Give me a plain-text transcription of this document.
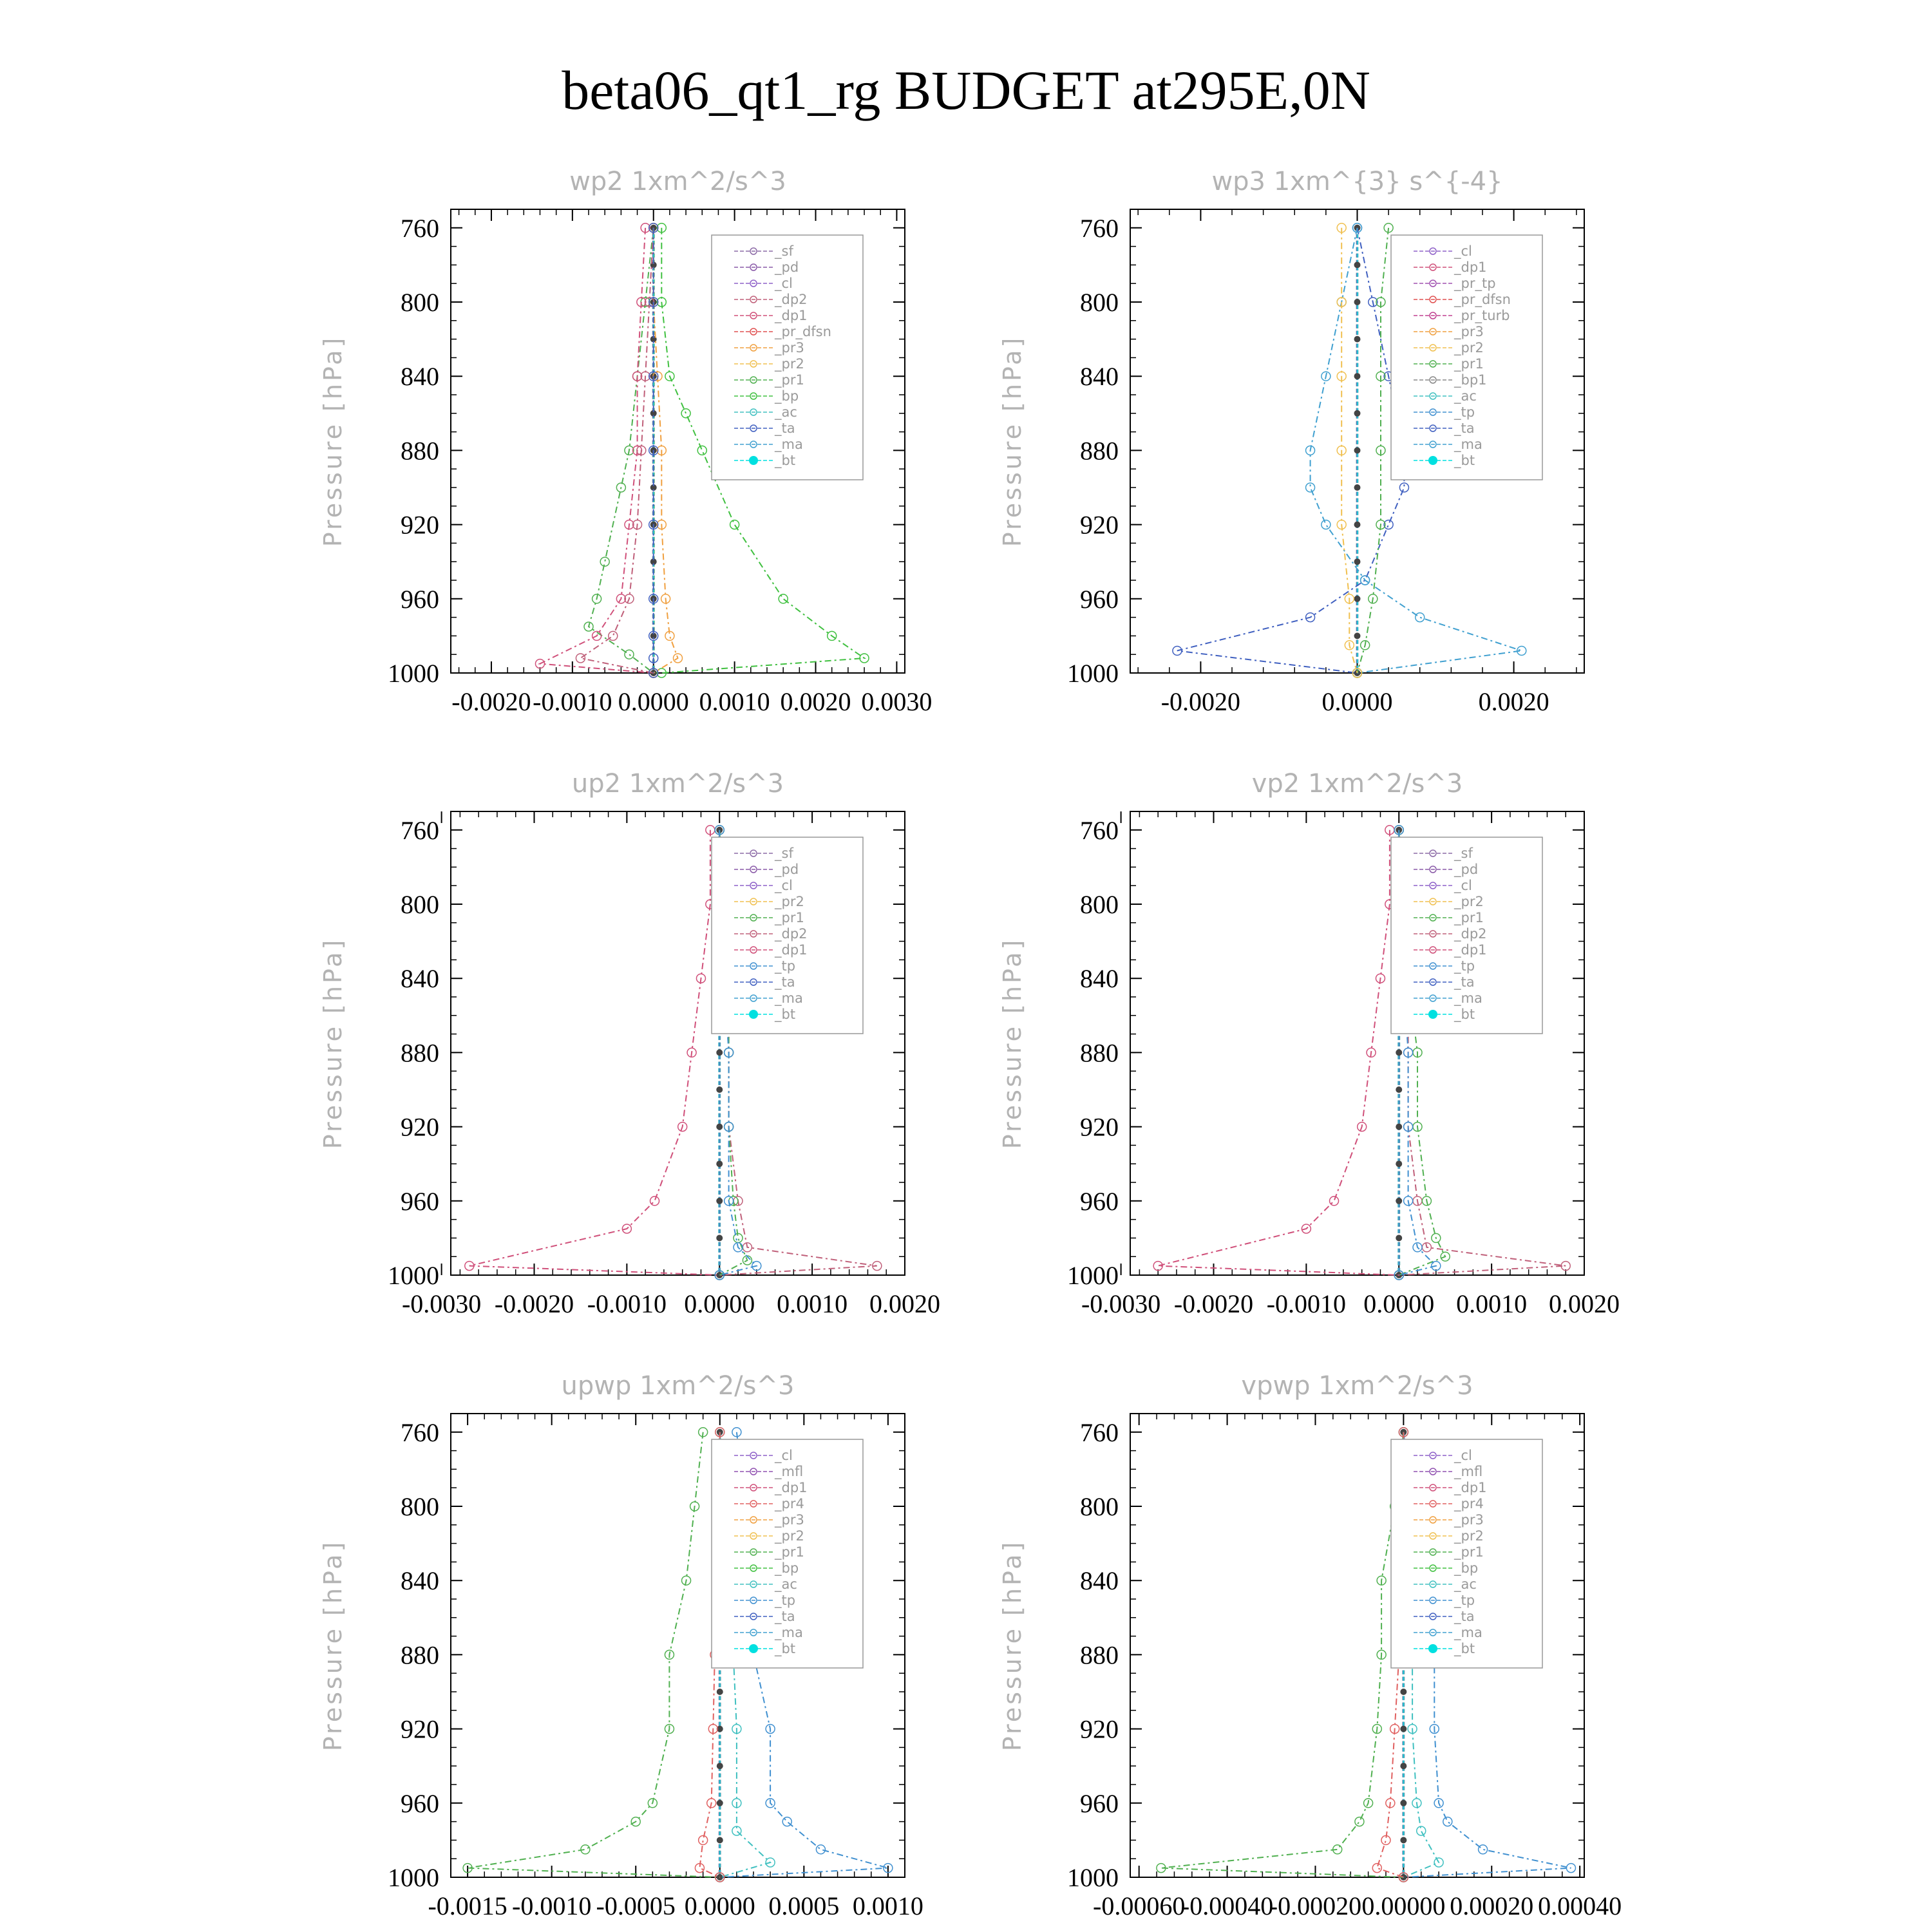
beta06_qt1_rg BUDGET at295E,0N
wp2 1xm^2/s^3
Pressure [hPa]
760
800
840
880
920
960
1000
-0.0020 -0.0010 0.0000 0.0010 0.0020 0.0030
_sf
_pd
_cl
_dp2
_dp1
_pr_dfsn
_pr3
_pr2
_pr1
_bp
_ac
_ta
_ma
_bt
wp3 1xm^{3} s^{-4}
Pressure [hPa]
760
800
840
880
920
960
1000
-0.0020	0.0000	0.0020
_cl
_dp1
_pr_tp
_pr_dfsn
_pr_turb
_pr3
_pr2
_pr1
_bp1
_ac
_tp
_ta
_ma
_bt
up2 1xm^2/s^3
Pressure [hPa]
760
800
840
880
920
960
1000
-0.0030 -0.0020 -0.0010 0.0000 0.0010 0.0020
_sf
_pd
_cl
_pr2
_pr1
_dp2
_dp1
_tp
_ta
_ma
_bt
vp2 1xm^2/s^3
Pressure [hPa]
760
800
840
880
920
960
1000
-0.0030 -0.0020 -0.0010 0.0000 0.0010 0.0020
_sf
_pd
_cl
_pr2
_pr1
_dp2
_dp1
_tp
_ta
_ma
_bt
upwp 1xm^2/s^3
Pressure [hPa]
760
800
840
880
920
960
1000
-0.0015 -0.0010 -0.0005 0.0000 0.0005 0.0010
_cl
_mfl
_dp1
_pr4
_pr3
_pr2
_pr1
_bp
_ac
_tp
_ta
_ma
_bt
vpwp 1xm^2/s^3
Pressure [hPa]
760
800
840
880
920
960
1000
-0.00060
-0.00040
-0.00020 0.00000 0.00020 0.00040
_cl
_mfl
_dp1
_pr4
_pr3
_pr2
_pr1
_bp
_ac
_tp
_ta
_ma
_bt
